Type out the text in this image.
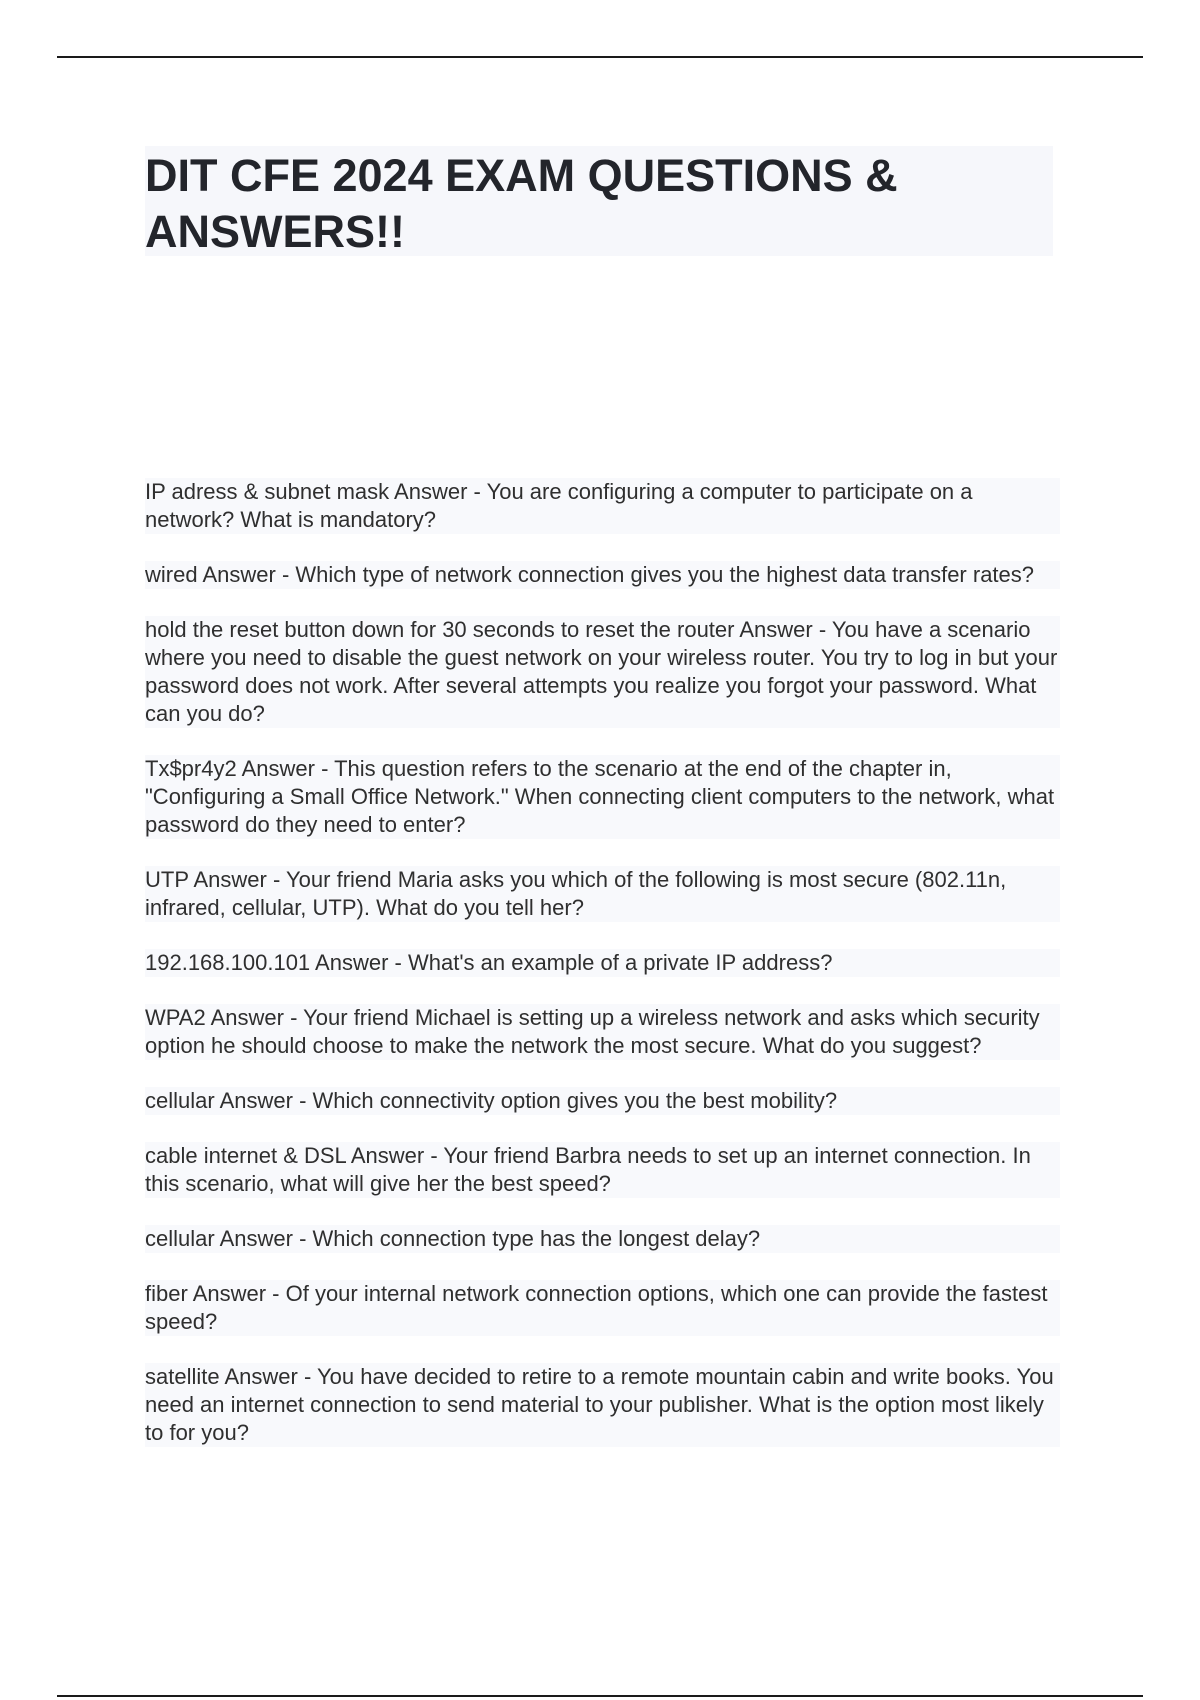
DIT CFE 2024 EXAM QUESTIONS & ANSWERS!!

IP adress & subnet mask Answer - You are configuring a computer to participate on a network? What is mandatory?

wired Answer - Which type of network connection gives you the highest data transfer rates?

hold the reset button down for 30 seconds to reset the router Answer - You have a scenario where you need to disable the guest network on your wireless router. You try to log in but your password does not work. After several attempts you realize you forgot your password. What can you do?

Tx$pr4y2 Answer - This question refers to the scenario at the end of the chapter in, "Configuring a Small Office Network." When connecting client computers to the network, what password do they need to enter?

UTP Answer - Your friend Maria asks you which of the following is most secure (802.11n, infrared, cellular, UTP). What do you tell her?

192.168.100.101 Answer - What's an example of a private IP address?

WPA2 Answer - Your friend Michael is setting up a wireless network and asks which security option he should choose to make the network the most secure. What do you suggest?

cellular Answer - Which connectivity option gives you the best mobility?

cable internet & DSL Answer - Your friend Barbra needs to set up an internet connection. In this scenario, what will give her the best speed?

cellular Answer - Which connection type has the longest delay?

fiber Answer - Of your internal network connection options, which one can provide the fastest speed?

satellite Answer - You have decided to retire to a remote mountain cabin and write books. You need an internet connection to send material to your publisher. What is the option most likely to for you?
